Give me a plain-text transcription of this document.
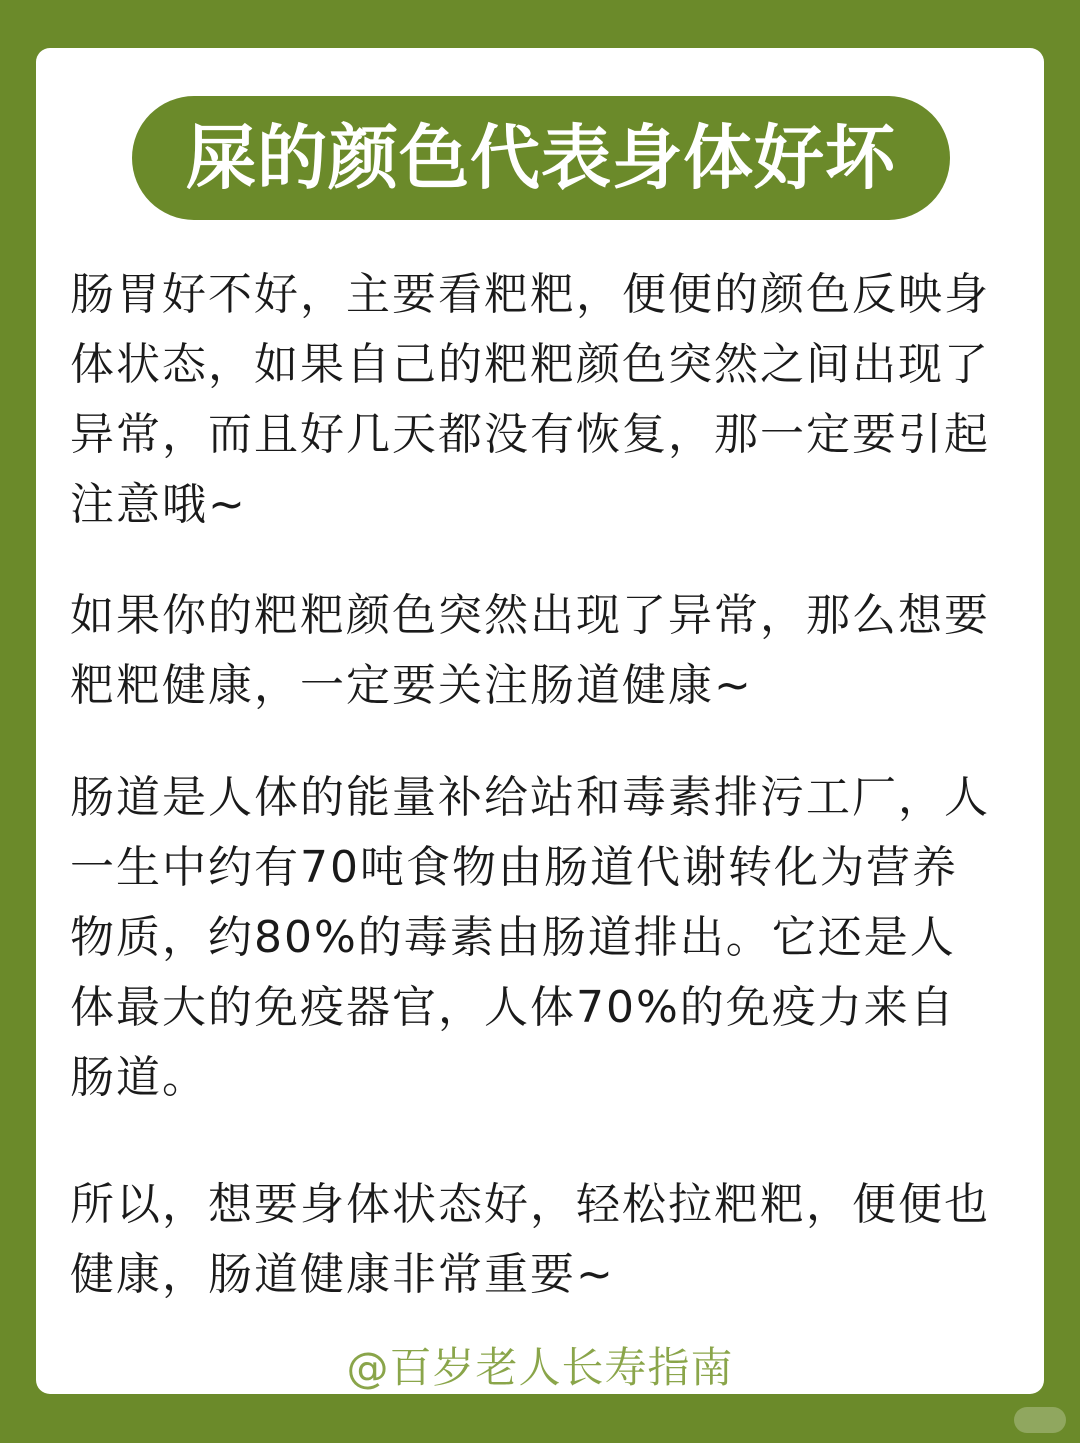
屎的颜色代表身体好坏

肠胃好不好，主要看粑粑，便便的颜色反映身体状态，如果自己的粑粑颜色突然之间出现了异常，而且好几天都没有恢复，那一定要引起注意哦~

如果你的粑粑颜色突然出现了异常，那么想要粑粑健康，一定要关注肠道健康~

肠道是人体的能量补给站和毒素排污工厂，人一生中约有70吨食物由肠道代谢转化为营养物质，约80%的毒素由肠道排出。它还是人体最大的免疫器官，人体70%的免疫力来自肠道。

所以，想要身体状态好，轻松拉粑粑，便便也健康，肠道健康非常重要~

@百岁老人长寿指南
